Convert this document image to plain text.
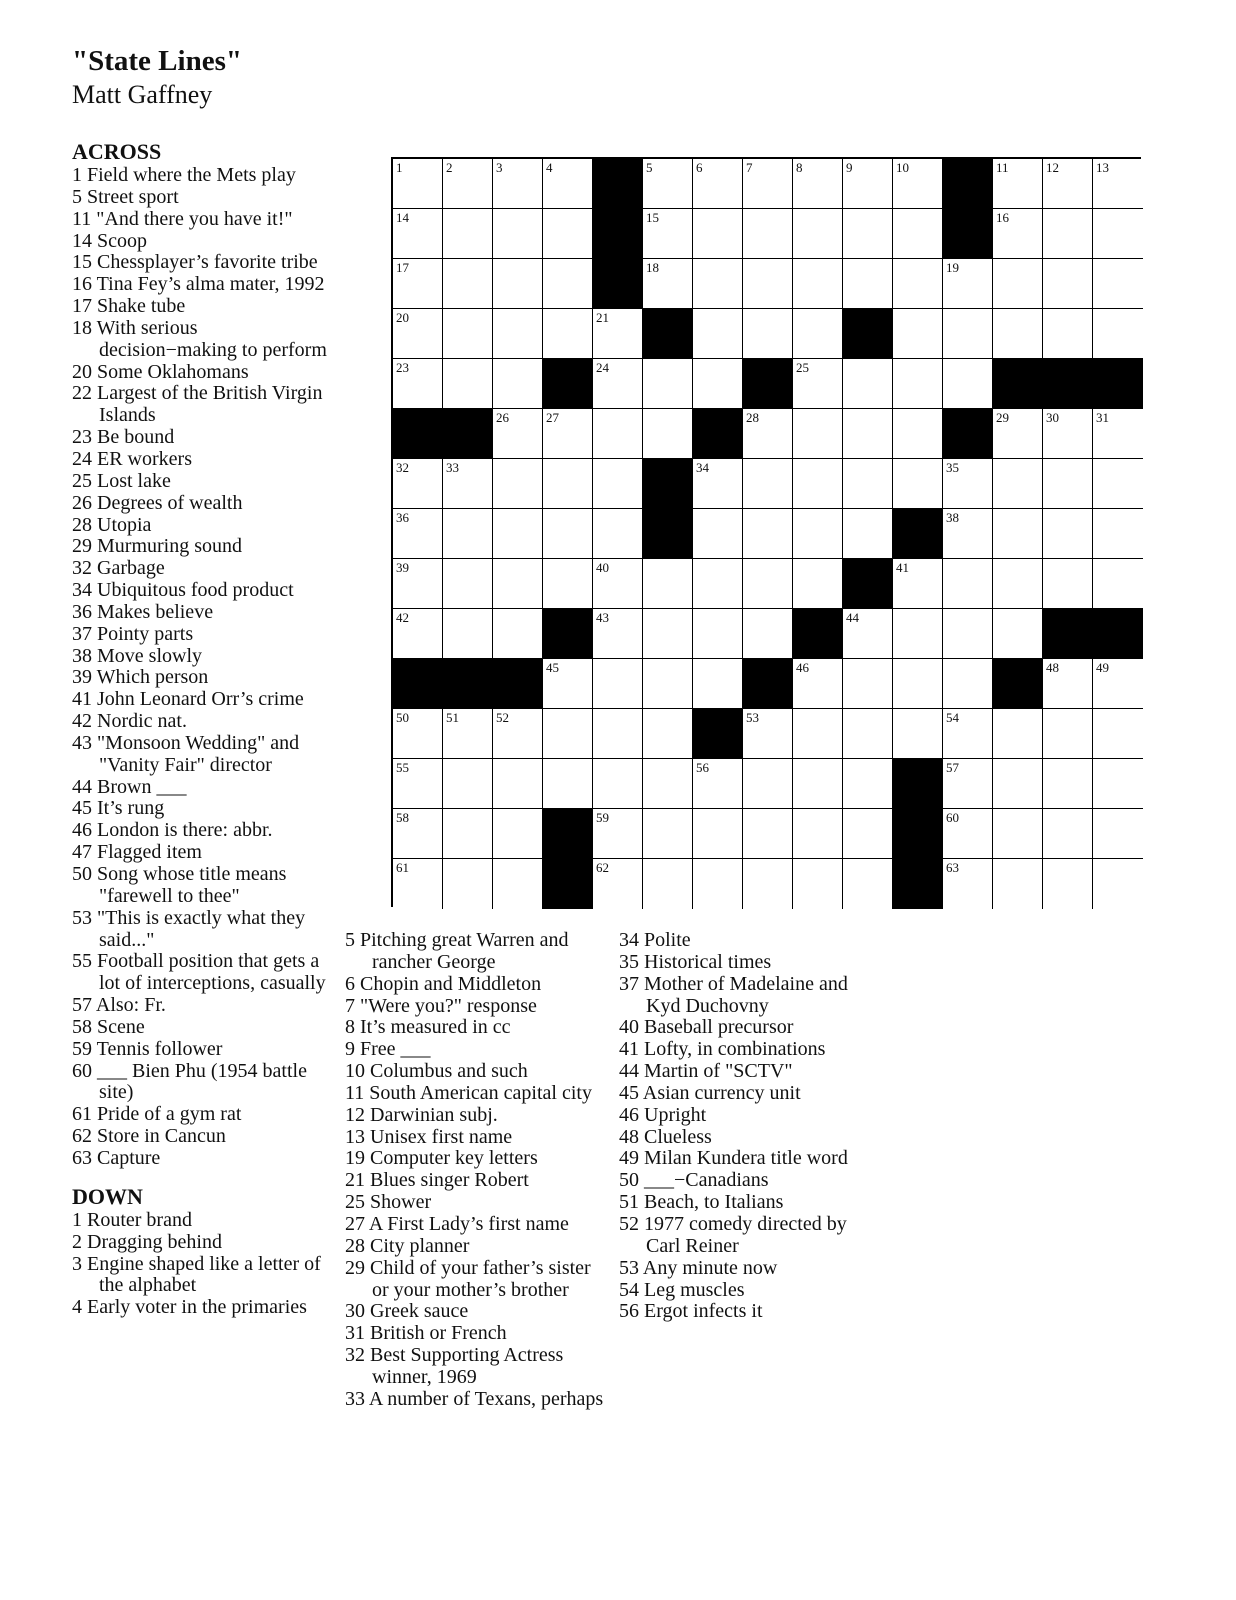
"State Lines"
Matt Gaffney
ACROSS
1 Field where the Mets play
5 Street sport
11 "And there you have it!"
14 Scoop
15 Chessplayer’s favorite tribe
16 Tina Fey’s alma mater, 1992
17 Shake tube
18 With serious decision−making to perform
20 Some Oklahomans
22 Largest of the British Virgin Islands
23 Be bound
24 ER workers
25 Lost lake
26 Degrees of wealth
28 Utopia
29 Murmuring sound
32 Garbage
34 Ubiquitous food product
36 Makes believe
37 Pointy parts
38 Move slowly
39 Which person
41 John Leonard Orr’s crime
42 Nordic nat.
43 "Monsoon Wedding" and "Vanity Fair" director
44 Brown ___
45 It’s rung
46 London is there: abbr.
47 Flagged item
50 Song whose title means "farewell to thee"
53 "This is exactly what they said..."
55 Football position that gets a lot of interceptions, casually
57 Also: Fr.
58 Scene
59 Tennis follower
60 ___ Bien Phu (1954 battle site)
61 Pride of a gym rat
62 Store in Cancun
63 Capture
DOWN
1 Router brand
2 Dragging behind
3 Engine shaped like a letter of the alphabet
4 Early voter in the primaries
5 Pitching great Warren and rancher George
6 Chopin and Middleton
7 "Were you?" response
8 It’s measured in cc
9 Free ___
10 Columbus and such
11 South American capital city
12 Darwinian subj.
13 Unisex first name
19 Computer key letters
21 Blues singer Robert
25 Shower
27 A First Lady’s first name
28 City planner
29 Child of your father’s sister or your mother’s brother
30 Greek sauce
31 British or French
32 Best Supporting Actress winner, 1969
33 A number of Texans, perhaps
34 Polite
35 Historical times
37 Mother of Madelaine and Kyd Duchovny
40 Baseball precursor
41 Lofty, in combinations
44 Martin of "SCTV"
45 Asian currency unit
46 Upright
48 Clueless
49 Milan Kundera title word
50 ___−Canadians
51 Beach, to Italians
52 1977 comedy directed by Carl Reiner
53 Any minute now
54 Leg muscles
56 Ergot infects it
1	2	3	4	5	6	7	8	9	10	11	12	13
14	15	16
17	18	19
20	21
23	24	25
26	27	28	29	30	31
32	33	34	35
36	38
39	40	41
42	43	44
45	46	48	49
50	51	52	53	54
55	56	57
58	59	60
61	62	63
